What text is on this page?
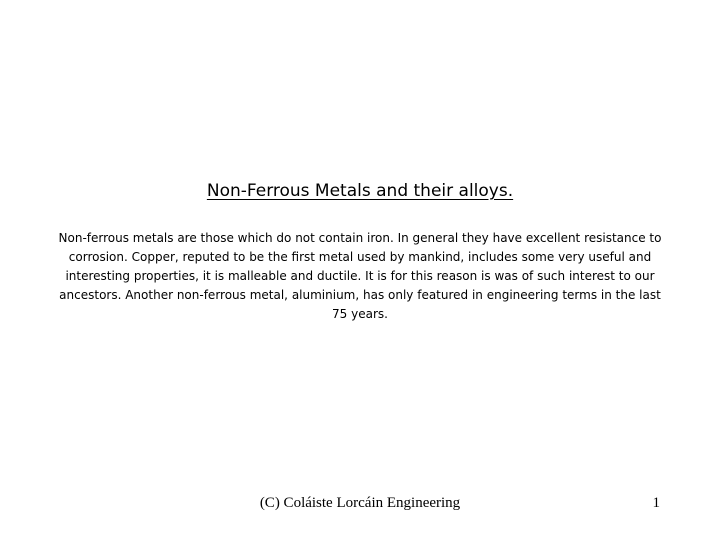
Non-Ferrous Metals and their alloys.
Non-ferrous metals are those which do not contain iron. In general they have excellent resistance to corrosion. Copper, reputed to be the first metal used by mankind, includes some very useful and interesting properties, it is malleable and ductile. It is for this reason is was of such interest to our ancestors. Another non-ferrous metal, aluminium, has only featured in engineering terms in the last 75 years.
(C) Coláiste Lorcáin Engineering	1
